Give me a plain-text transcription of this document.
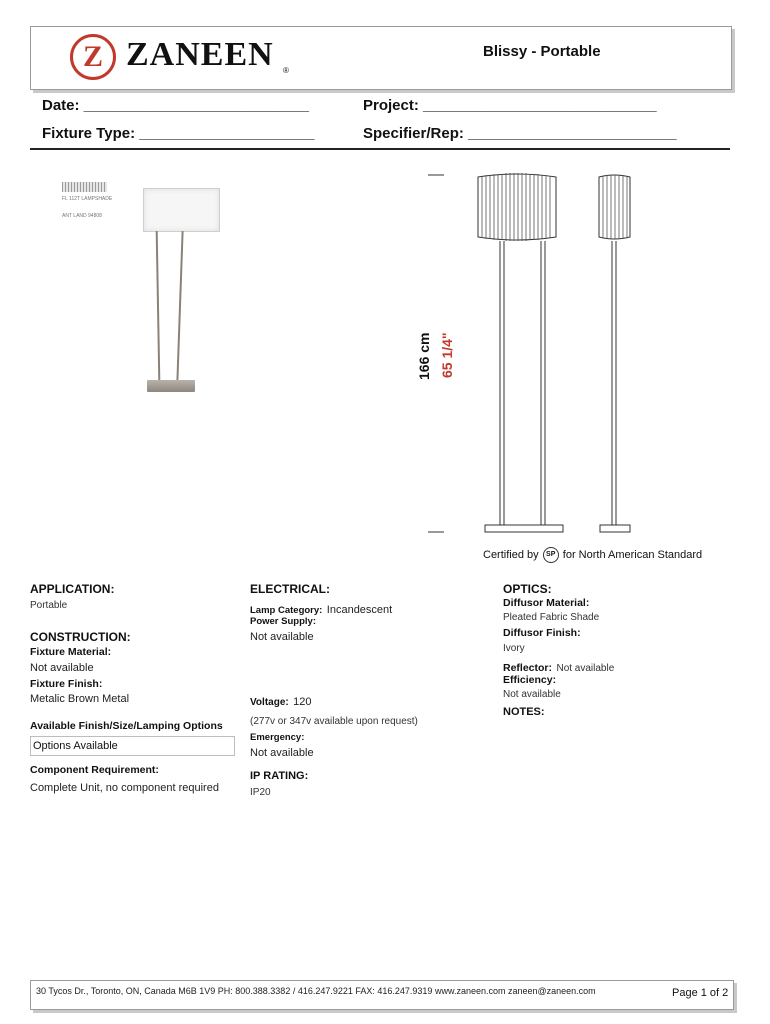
Z ZANEEN ®
Blissy - Portable
Date: ___________________________	Project: ____________________________
Fixture Type: _____________________	Specifier/Rep: _________________________
FL 112T LAMPSHADE
ANT LAND 94808
166 cm 65 1/4"
Certified by SP for North American Standard
APPLICATION:
Portable
CONSTRUCTION:
Fixture Material:
Not available
Fixture Finish:
Metalic Brown Metal
Available Finish/Size/Lamping Options
Options Available
Component Requirement:
Complete Unit, no component required
ELECTRICAL:
Lamp Category: Incandescent
Power Supply:
Not available
Voltage: 120
(277v or 347v available upon request)
Emergency:
Not available
IP RATING:
IP20
OPTICS:
Diffusor Material:
Pleated Fabric Shade
Diffusor Finish:
Ivory
Reflector: Not available
Efficiency:
Not available
NOTES:
30 Tycos Dr., Toronto, ON, Canada M6B 1V9 PH: 800.388.3382 / 416.247.9221 FAX: 416.247.9319 www.zaneen.com zaneen@zaneen.com	Page 1 of 2
